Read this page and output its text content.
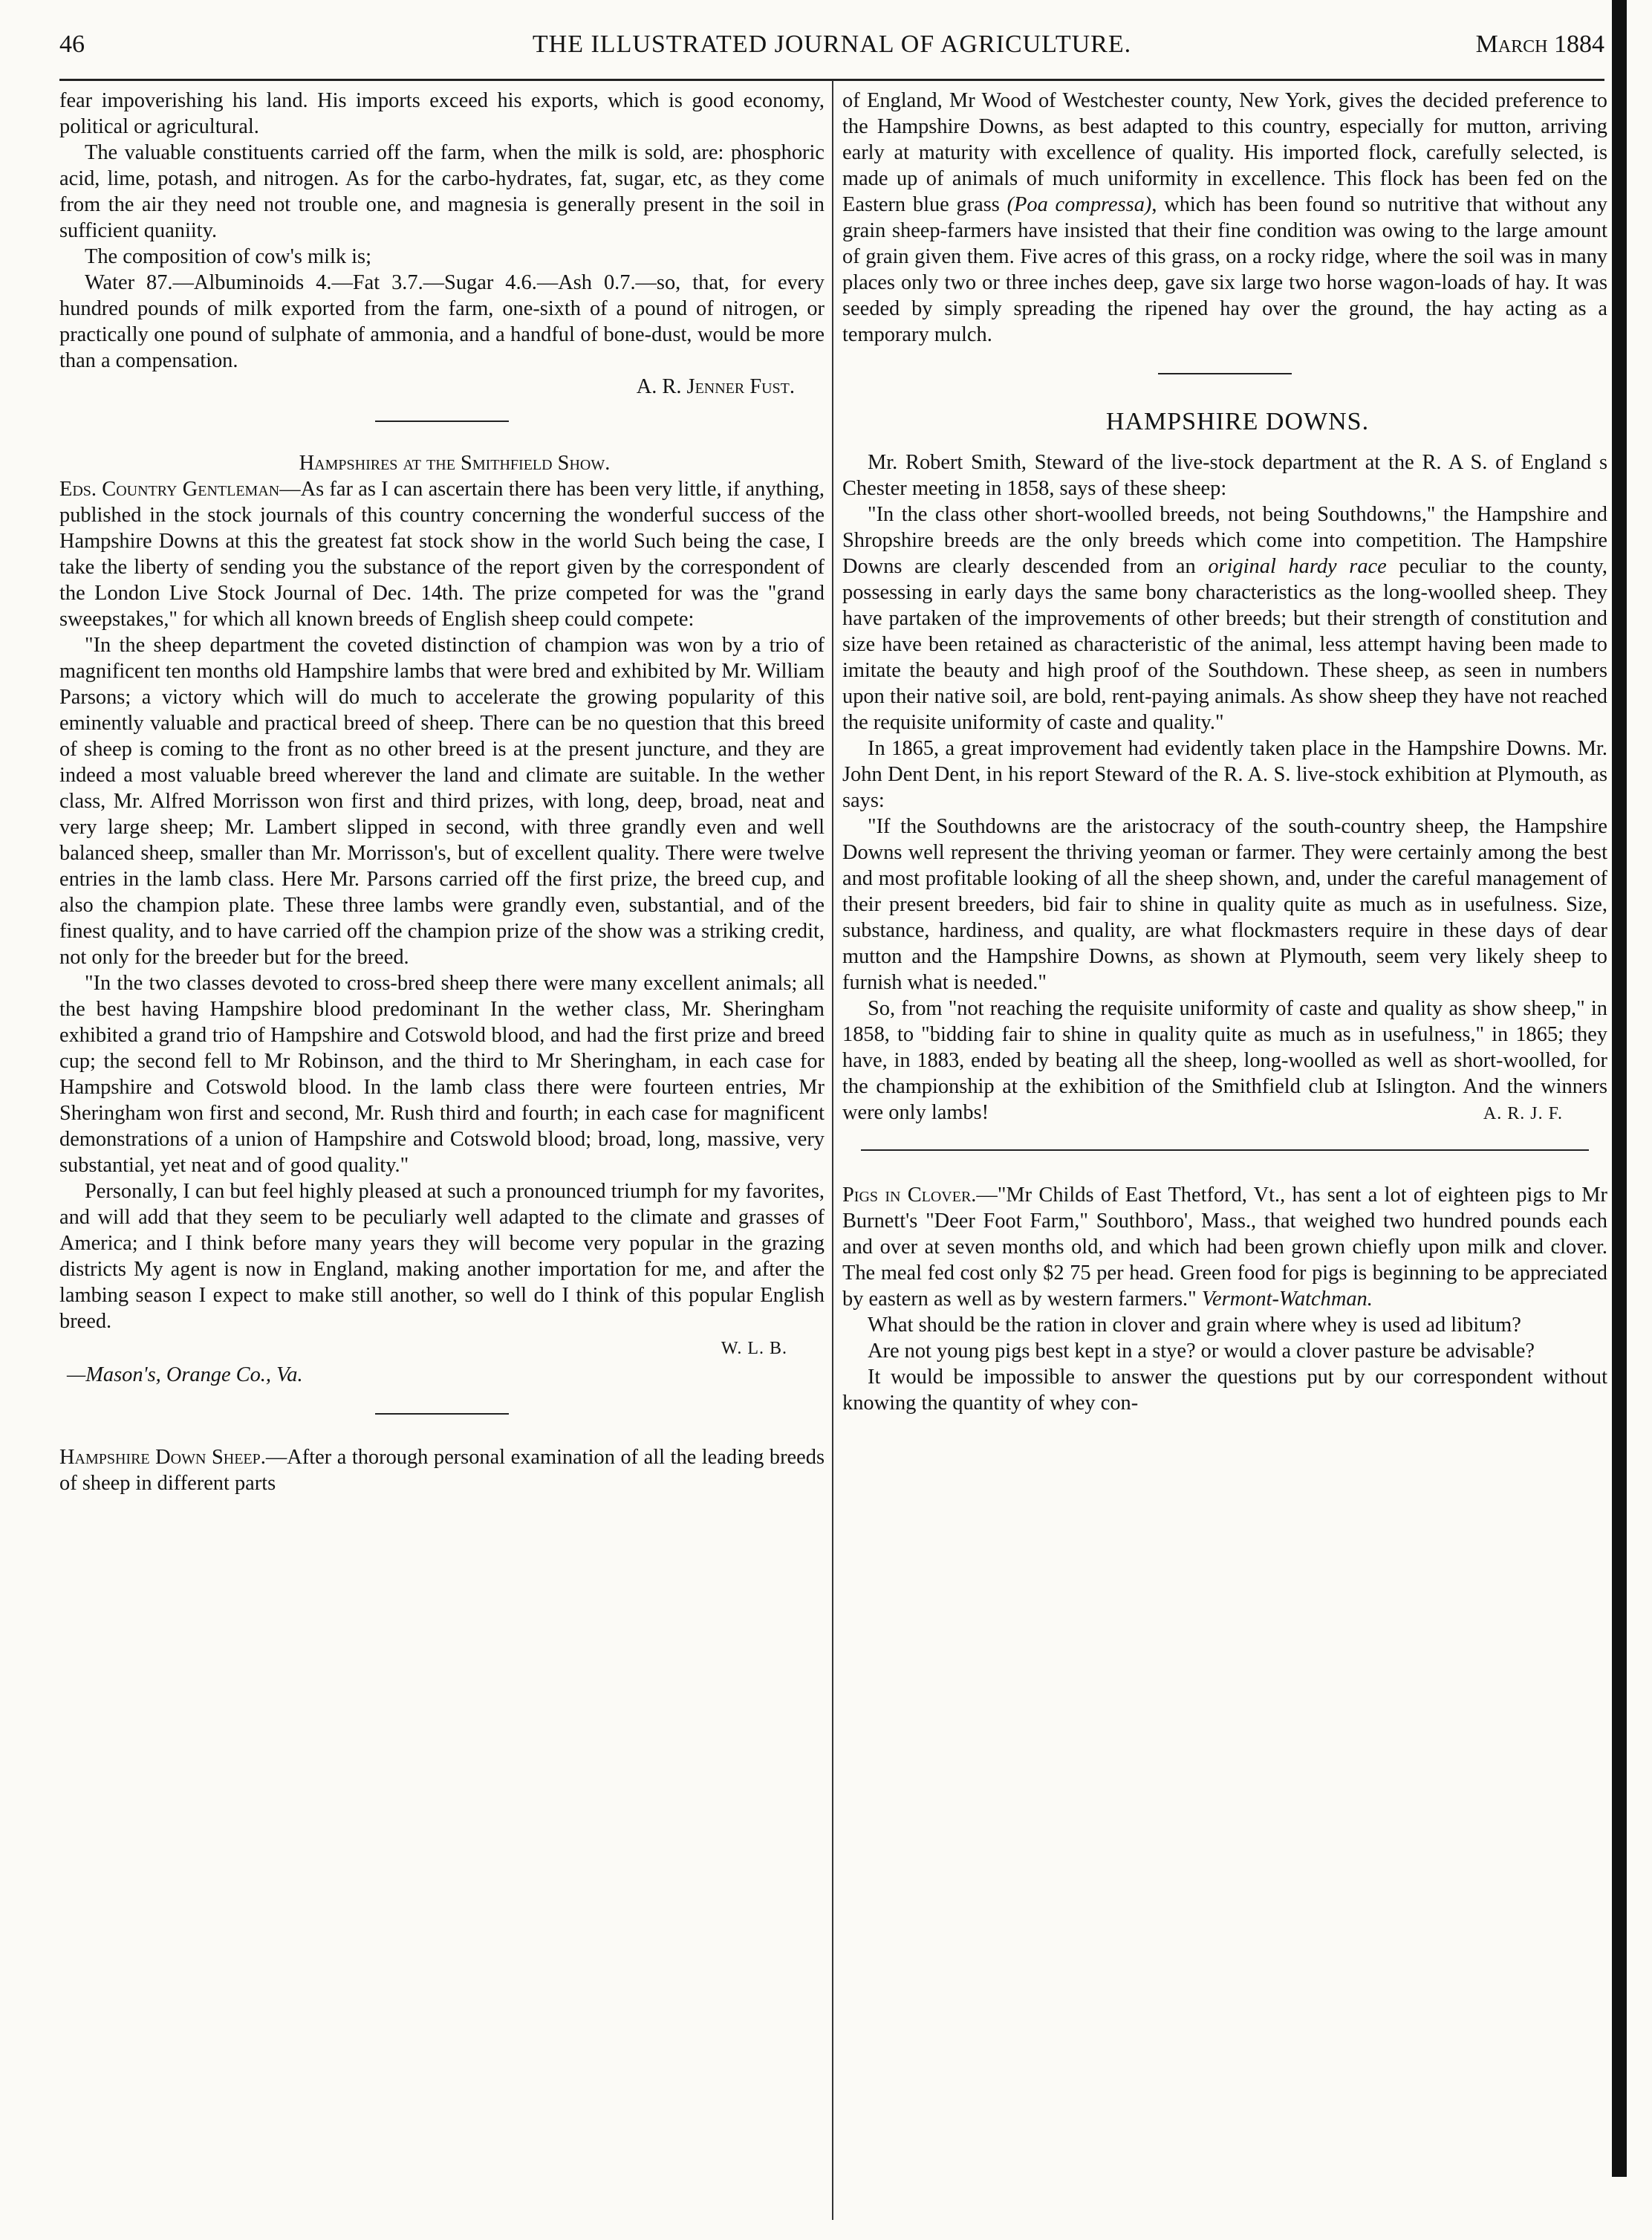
46	THE ILLUSTRATED JOURNAL OF AGRICULTURE.	March 1884

fear impoverishing his land. His imports exceed his exports, which is good economy, political or agricultural.

The valuable constituents carried off the farm, when the milk is sold, are: phosphoric acid, lime, potash, and nitrogen. As for the carbo-hydrates, fat, sugar, etc, as they come from the air they need not trouble one, and magnesia is generally present in the soil in sufficient quaniity.

The composition of cow's milk is;

Water 87.—Albuminoids 4.—Fat 3.7.—Sugar 4.6.—Ash 0.7.—so, that, for every hundred pounds of milk exported from the farm, one-sixth of a pound of nitrogen, or practically one pound of sulphate of ammonia, and a handful of bone-dust, would be more than a compensation.

A. R. Jenner Fust.

Hampshires at the Smithfield Show.

Eds. Country Gentleman—As far as I can ascertain there has been very little, if anything, published in the stock journals of this country concerning the wonderful success of the Hampshire Downs at this the greatest fat stock show in the world Such being the case, I take the liberty of sending you the substance of the report given by the correspondent of the London Live Stock Journal of Dec. 14th. The prize competed for was the "grand sweepstakes," for which all known breeds of English sheep could compete:

"In the sheep department the coveted distinction of champion was won by a trio of magnificent ten months old Hampshire lambs that were bred and exhibited by Mr. William Parsons; a victory which will do much to accelerate the growing popularity of this eminently valuable and practical breed of sheep. There can be no question that this breed of sheep is coming to the front as no other breed is at the present juncture, and they are indeed a most valuable breed wherever the land and climate are suitable. In the wether class, Mr. Alfred Morrisson won first and third prizes, with long, deep, broad, neat and very large sheep; Mr. Lambert slipped in second, with three grandly even and well balanced sheep, smaller than Mr. Morrisson's, but of excellent quality. There were twelve entries in the lamb class. Here Mr. Parsons carried off the first prize, the breed cup, and also the champion plate. These three lambs were grandly even, substantial, and of the finest quality, and to have carried off the champion prize of the show was a striking credit, not only for the breeder but for the breed.

"In the two classes devoted to cross-bred sheep there were many excellent animals; all the best having Hampshire blood predominant In the wether class, Mr. Sheringham exhibited a grand trio of Hampshire and Cotswold blood, and had the first prize and breed cup; the second fell to Mr Robinson, and the third to Mr Sheringham, in each case for Hampshire and Cotswold blood. In the lamb class there were fourteen entries, Mr Sheringham won first and second, Mr. Rush third and fourth; in each case for magnificent demonstrations of a union of Hampshire and Cotswold blood; broad, long, massive, very substantial, yet neat and of good quality."

Personally, I can but feel highly pleased at such a pronounced triumph for my favorites, and will add that they seem to be peculiarly well adapted to the climate and grasses of America; and I think before many years they will become very popular in the grazing districts My agent is now in England, making another importation for me, and after the lambing season I expect to make still another, so well do I think of this popular English breed.

W. L. B.

—Mason's, Orange Co., Va.

Hampshire Down Sheep.—After a thorough personal examination of all the leading breeds of sheep in different parts

of England, Mr Wood of Westchester county, New York, gives the decided preference to the Hampshire Downs, as best adapted to this country, especially for mutton, arriving early at maturity with excellence of quality. His imported flock, carefully selected, is made up of animals of much uniformity in excellence. This flock has been fed on the Eastern blue grass (Poa compressa), which has been found so nutritive that without any grain sheep-farmers have insisted that their fine condition was owing to the large amount of grain given them. Five acres of this grass, on a rocky ridge, where the soil was in many places only two or three inches deep, gave six large two horse wagon-loads of hay. It was seeded by simply spreading the ripened hay over the ground, the hay acting as a temporary mulch.

HAMPSHIRE DOWNS.

Mr. Robert Smith, Steward of the live-stock department at the R. A S. of England s Chester meeting in 1858, says of these sheep:

"In the class other short-woolled breeds, not being Southdowns," the Hampshire and Shropshire breeds are the only breeds which come into competition. The Hampshire Downs are clearly descended from an original hardy race peculiar to the county, possessing in early days the same bony characteristics as the long-woolled sheep. They have partaken of the improvements of other breeds; but their strength of constitution and size have been retained as characteristic of the animal, less attempt having been made to imitate the beauty and high proof of the Southdown. These sheep, as seen in numbers upon their native soil, are bold, rent-paying animals. As show sheep they have not reached the requisite uniformity of caste and quality."

In 1865, a great improvement had evidently taken place in the Hampshire Downs. Mr. John Dent Dent, in his report Steward of the R. A. S. live-stock exhibition at Plymouth, as says:

"If the Southdowns are the aristocracy of the south-country sheep, the Hampshire Downs well represent the thriving yeoman or farmer. They were certainly among the best and most profitable looking of all the sheep shown, and, under the careful management of their present breeders, bid fair to shine in quality quite as much as in usefulness. Size, substance, hardiness, and quality, are what flockmasters require in these days of dear mutton and the Hampshire Downs, as shown at Plymouth, seem very likely sheep to furnish what is needed."

So, from "not reaching the requisite uniformity of caste and quality as show sheep," in 1858, to "bidding fair to shine in quality quite as much as in usefulness," in 1865; they have, in 1883, ended by beating all the sheep, long-woolled as well as short-woolled, for the championship at the exhibition of the Smithfield club at Islington. And the winners were only lambs!	A. R. J. F.

Pigs in Clover.—"Mr Childs of East Thetford, Vt., has sent a lot of eighteen pigs to Mr Burnett's "Deer Foot Farm," Southboro', Mass., that weighed two hundred pounds each and over at seven months old, and which had been grown chiefly upon milk and clover. The meal fed cost only $2 75 per head. Green food for pigs is beginning to be appreciated by eastern as well as by western farmers." Vermont-Watchman.

What should be the ration in clover and grain where whey is used ad libitum?

Are not young pigs best kept in a stye? or would a clover pasture be advisable?

It would be impossible to answer the questions put by our correspondent without knowing the quantity of whey con-
